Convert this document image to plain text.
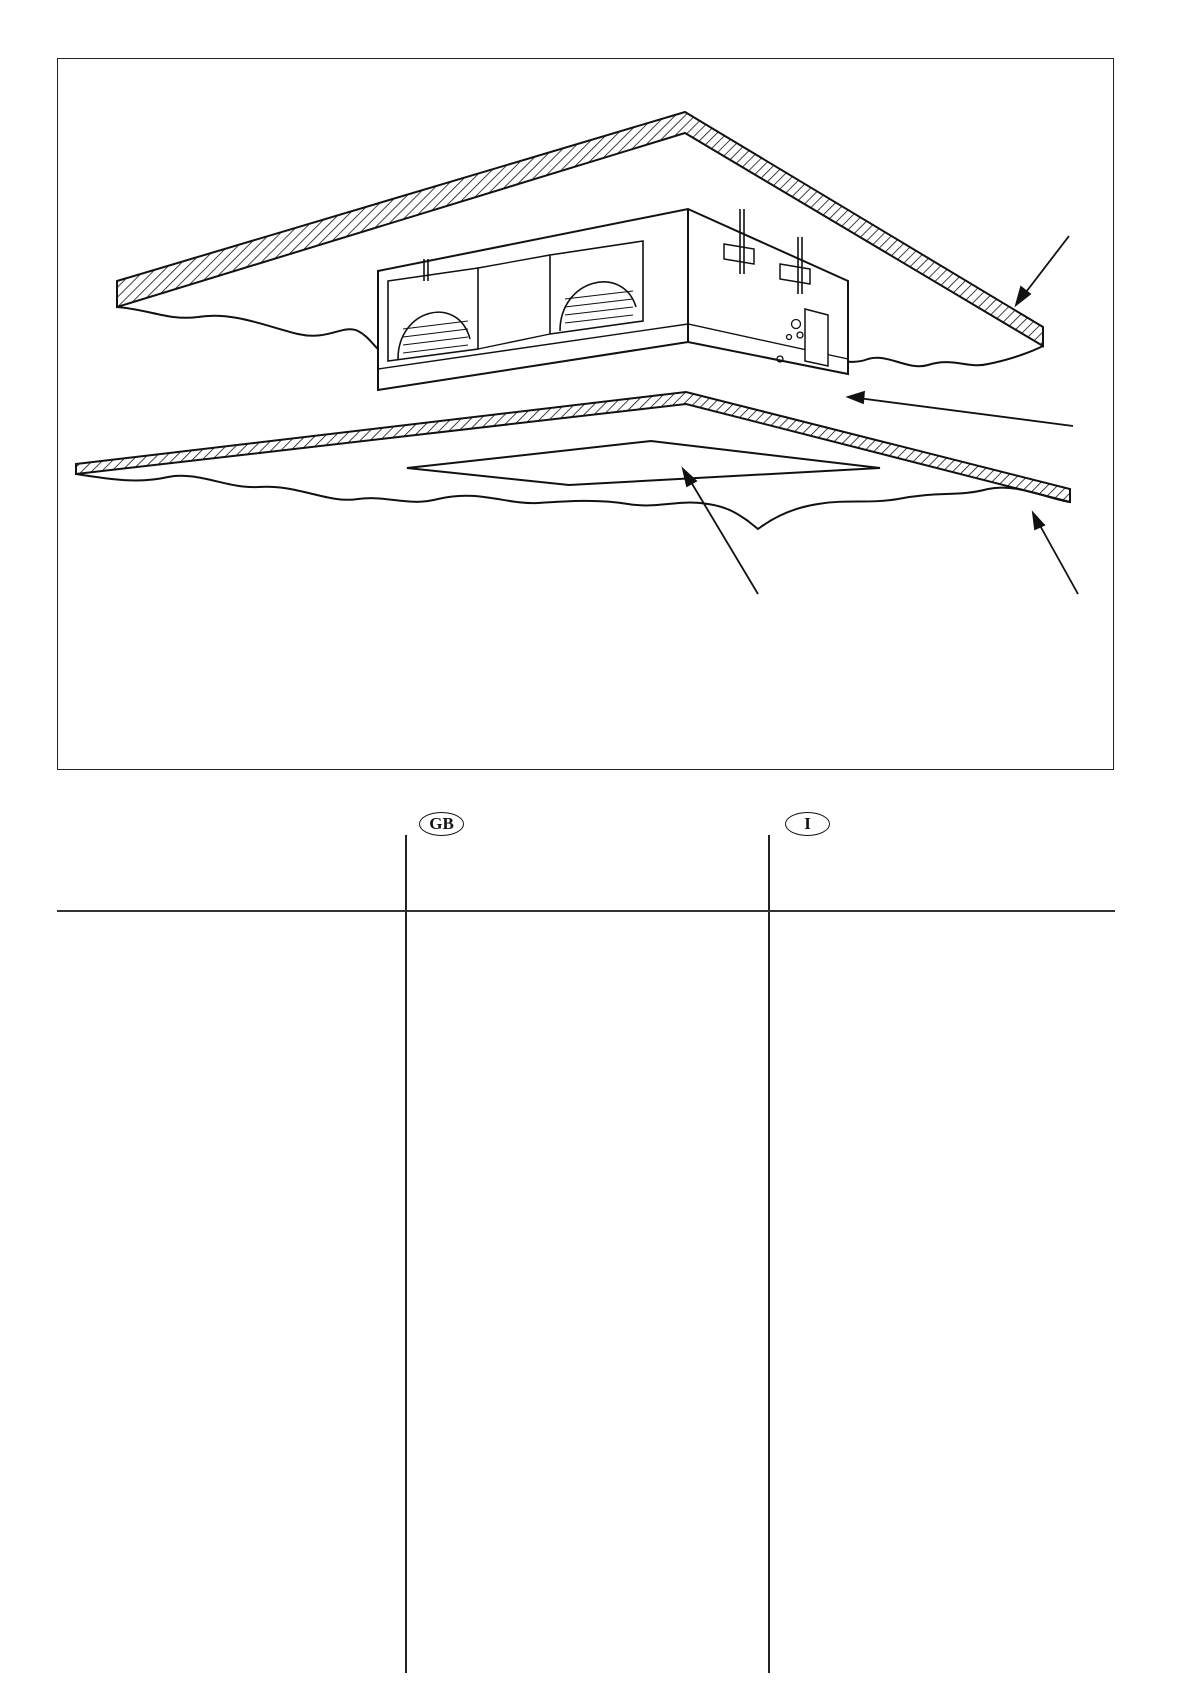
GB	I
